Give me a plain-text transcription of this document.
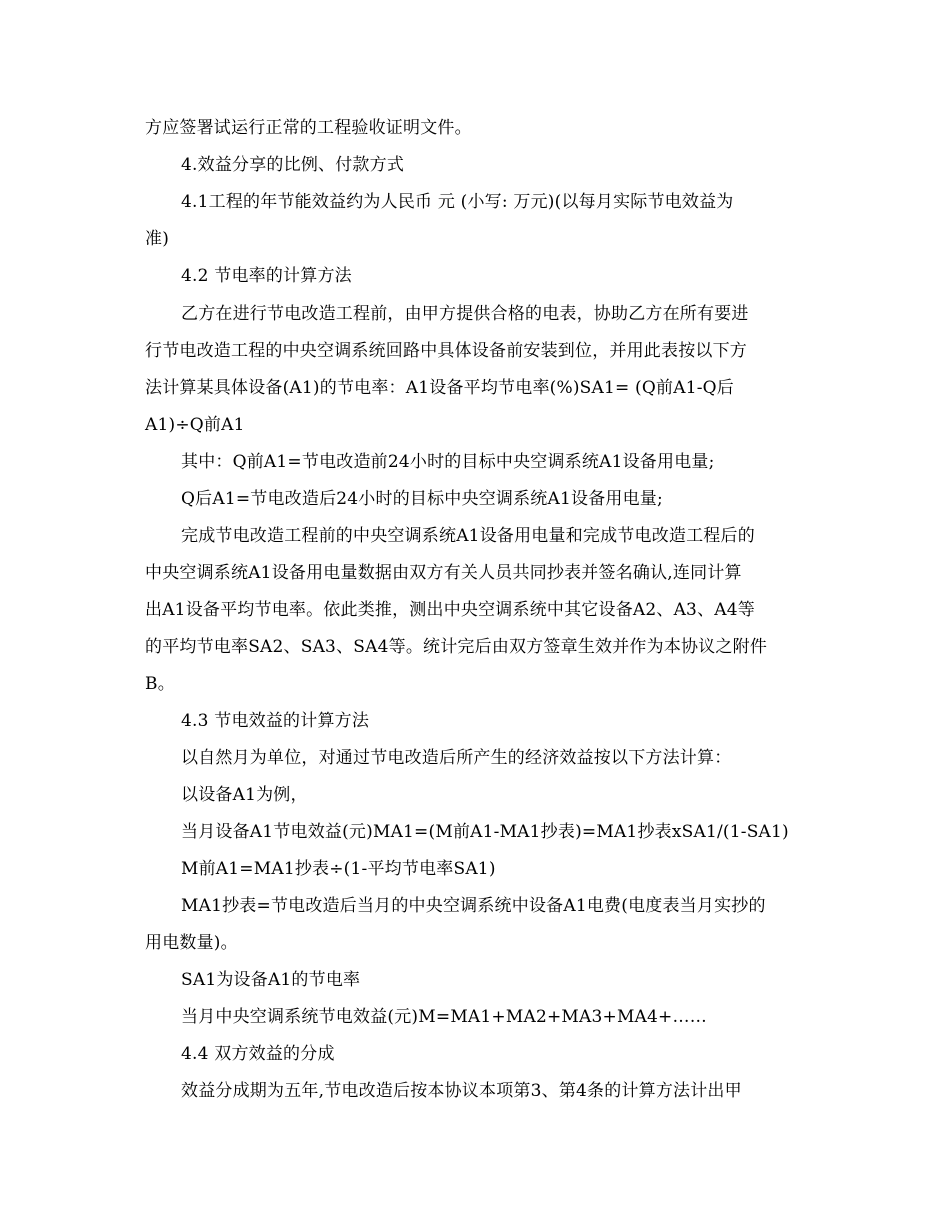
方应签署试运行正常的工程验收证明文件。
4.效益分享的比例、付款方式
4.1工程的年节能效益约为人民币 元 (小写: 万元)(以每月实际节电效益为
准)
4.2 节电率的计算方法
乙方在进行节电改造工程前，由甲方提供合格的电表，协助乙方在所有要进
行节电改造工程的中央空调系统回路中具体设备前安装到位，并用此表按以下方
法计算某具体设备(A1)的节电率：A1设备平均节电率(%)SA1= (Q前A1-Q后
A1)÷Q前A1
其中：Q前A1=节电改造前24小时的目标中央空调系统A1设备用电量;
Q后A1=节电改造后24小时的目标中央空调系统A1设备用电量;
完成节电改造工程前的中央空调系统A1设备用电量和完成节电改造工程后的
中央空调系统A1设备用电量数据由双方有关人员共同抄表并签名确认,连同计算
出A1设备平均节电率。依此类推，测出中央空调系统中其它设备A2、A3、A4等
的平均节电率SA2、SA3、SA4等。统计完后由双方签章生效并作为本协议之附件
B。
4.3 节电效益的计算方法
以自然月为单位，对通过节电改造后所产生的经济效益按以下方法计算：
以设备A1为例，
当月设备A1节电效益(元)MA1=(M前A1-MA1抄表)=MA1抄表xSA1/(1-SA1)
M前A1=MA1抄表÷(1-平均节电率SA1)
MA1抄表=节电改造后当月的中央空调系统中设备A1电费(电度表当月实抄的
用电数量)。
SA1为设备A1的节电率
当月中央空调系统节电效益(元)M=MA1+MA2+MA3+MA4+……
4.4 双方效益的分成
效益分成期为五年,节电改造后按本协议本项第3、第4条的计算方法计出甲
